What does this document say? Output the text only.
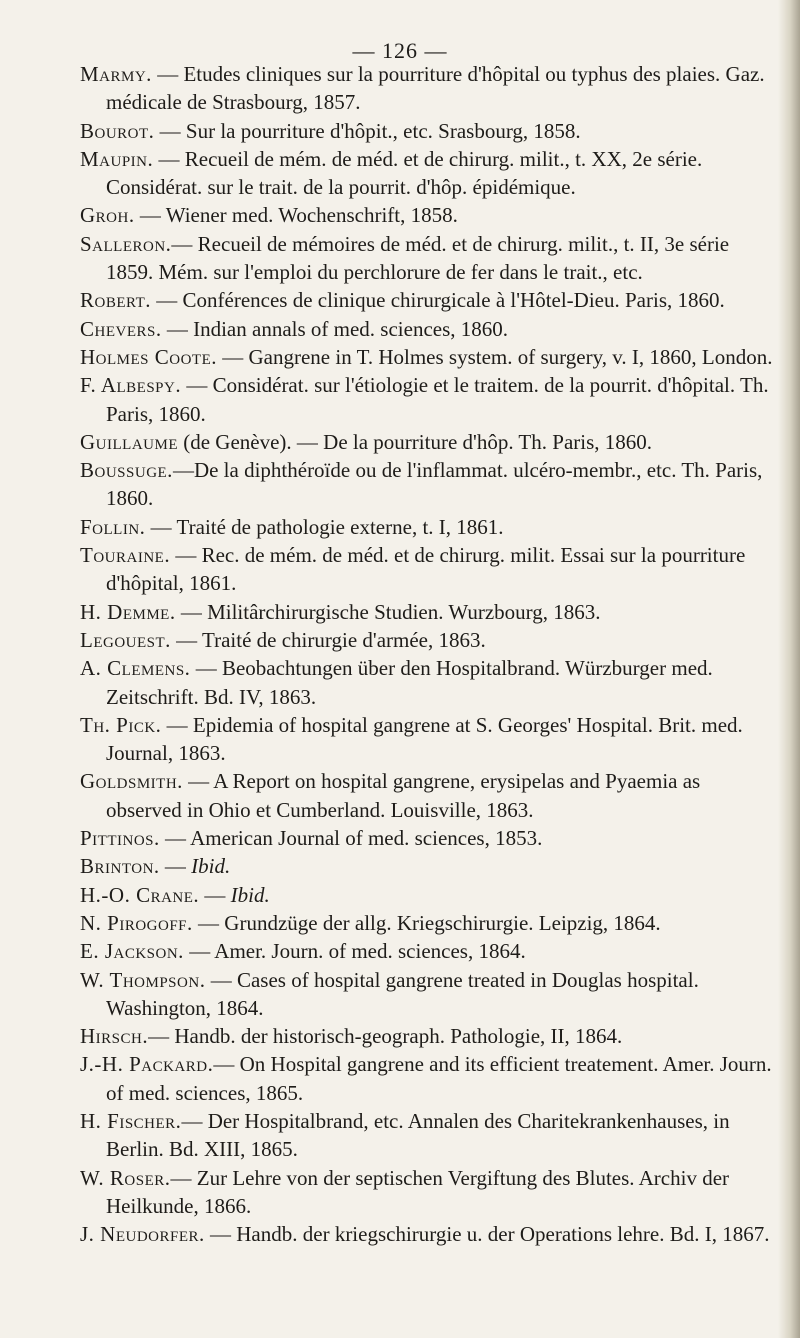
— 126 —
Marmy. — Etudes cliniques sur la pourriture d'hôpital ou typhus des plaies. Gaz. médicale de Strasbourg, 1857.
Bourot. — Sur la pourriture d'hôpit., etc. Srasbourg, 1858.
Maupin. — Recueil de mém. de méd. et de chirurg. milit., t. XX, 2e série. Considérat. sur le trait. de la pourrit. d'hôp. épidémique.
Groh. — Wiener med. Wochenschrift, 1858.
Salleron.— Recueil de mémoires de méd. et de chirurg. milit., t. II, 3e série 1859. Mém. sur l'emploi du perchlorure de fer dans le trait., etc.
Robert. — Conférences de clinique chirurgicale à l'Hôtel-Dieu. Paris, 1860.
Chevers. — Indian annals of med. sciences, 1860.
Holmes Coote. — Gangrene in T. Holmes system. of surgery, v. I, 1860, London.
F. Albespy. — Considérat. sur l'étiologie et le traitem. de la pourrit. d'hôpital. Th. Paris, 1860.
Guillaume (de Genève). — De la pourriture d'hôp. Th. Paris, 1860.
Boussuge.—De la diphthéroïde ou de l'inflammat. ulcéro-membr., etc. Th. Paris, 1860.
Follin. — Traité de pathologie externe, t. I, 1861.
Touraine. — Rec. de mém. de méd. et de chirurg. milit. Essai sur la pourriture d'hôpital, 1861.
H. Demme. — Militârchirurgische Studien. Wurzbourg, 1863.
Legouest. — Traité de chirurgie d'armée, 1863.
A. Clemens. — Beobachtungen über den Hospitalbrand. Würzburger med. Zeitschrift. Bd. IV, 1863.
Th. Pick. — Epidemia of hospital gangrene at S. Georges' Hospital. Brit. med. Journal, 1863.
Goldsmith. — A Report on hospital gangrene, erysipelas and Pyaemia as observed in Ohio et Cumberland. Louisville, 1863.
Pittinos. — American Journal of med. sciences, 1853.
Brinton. — Ibid.
H.-O. Crane. — Ibid.
N. Pirogoff. — Grundzüge der allg. Kriegschirurgie. Leipzig, 1864.
E. Jackson. — Amer. Journ. of med. sciences, 1864.
W. Thompson. — Cases of hospital gangrene treated in Douglas hospital. Washington, 1864.
Hirsch.— Handb. der historisch-geograph. Pathologie, II, 1864.
J.-H. Packard.— On Hospital gangrene and its efficient treatement. Amer. Journ. of med. sciences, 1865.
H. Fischer.— Der Hospitalbrand, etc. Annalen des Charitekrankenhauses, in Berlin. Bd. XIII, 1865.
W. Roser.— Zur Lehre von der septischen Vergiftung des Blutes. Archiv der Heilkunde, 1866.
J. Neudorfer. — Handb. der kriegschirurgie u. der Operations lehre. Bd. I, 1867.
